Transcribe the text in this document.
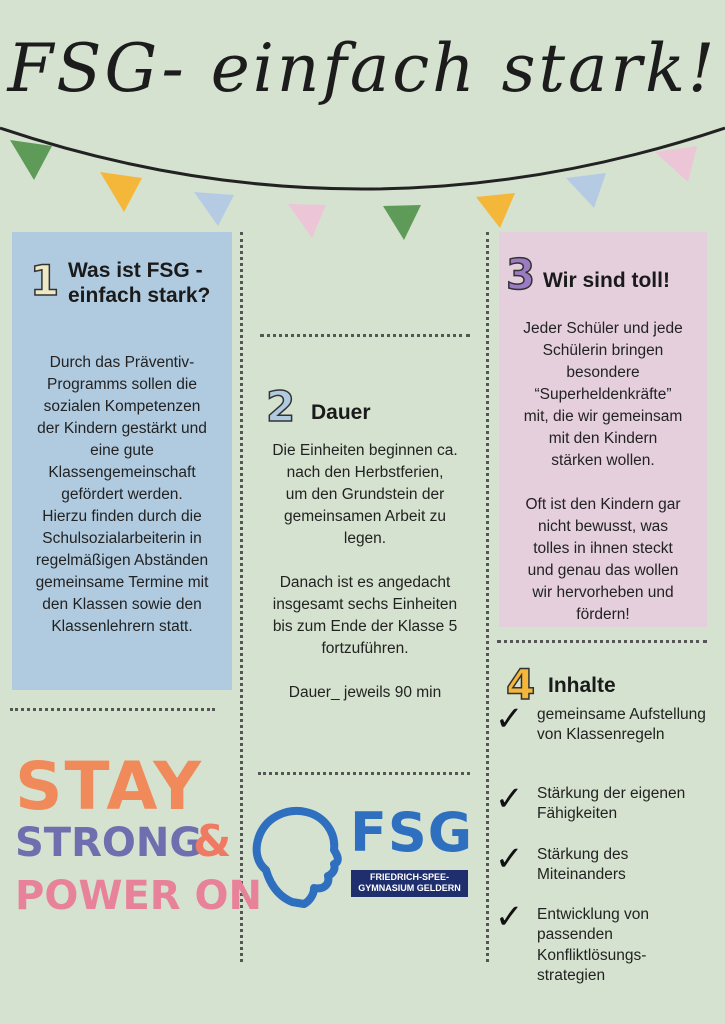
FSG- einfach stark!
1 Was ist FSG - einfach stark?
Durch das Präventiv-
Programms sollen die
sozialen Kompetenzen
der Kindern gestärkt und
eine gute
Klassengemeinschaft
gefördert werden.
Hierzu finden durch die
Schulsozialarbeiterin in
regelmäßigen Abständen
gemeinsame Termine mit
den Klassen sowie den
Klassenlehrern statt.
3 Wir sind toll!
Jeder Schüler und jede
Schülerin bringen
besondere
“Superheldenkräfte”
mit, die wir gemeinsam
mit den Kindern
stärken wollen.

Oft ist den Kindern gar
nicht bewusst, was
tolles in ihnen steckt
und genau das wollen
wir hervorheben und
fördern!
2 Dauer
Die Einheiten beginnen ca.
nach den Herbstferien,
um den Grundstein der
gemeinsamen Arbeit zu
legen.

Danach ist es angedacht
insgesamt sechs Einheiten
bis zum Ende der Klasse 5
fortzuführen.

Dauer_ jeweils 90 min	4 Inhalte
✓ gemeinsame Aufstellung von Klassenregeln
✓ Stärkung der eigenen Fähigkeiten
✓ Stärkung des Miteinanders
✓ Entwicklung von passenden Konfliktlösungs-strategien
STAY
STRONG
&
POWER ON
FSG
FRIEDRICH-SPEE-
GYMNASIUM GELDERN
